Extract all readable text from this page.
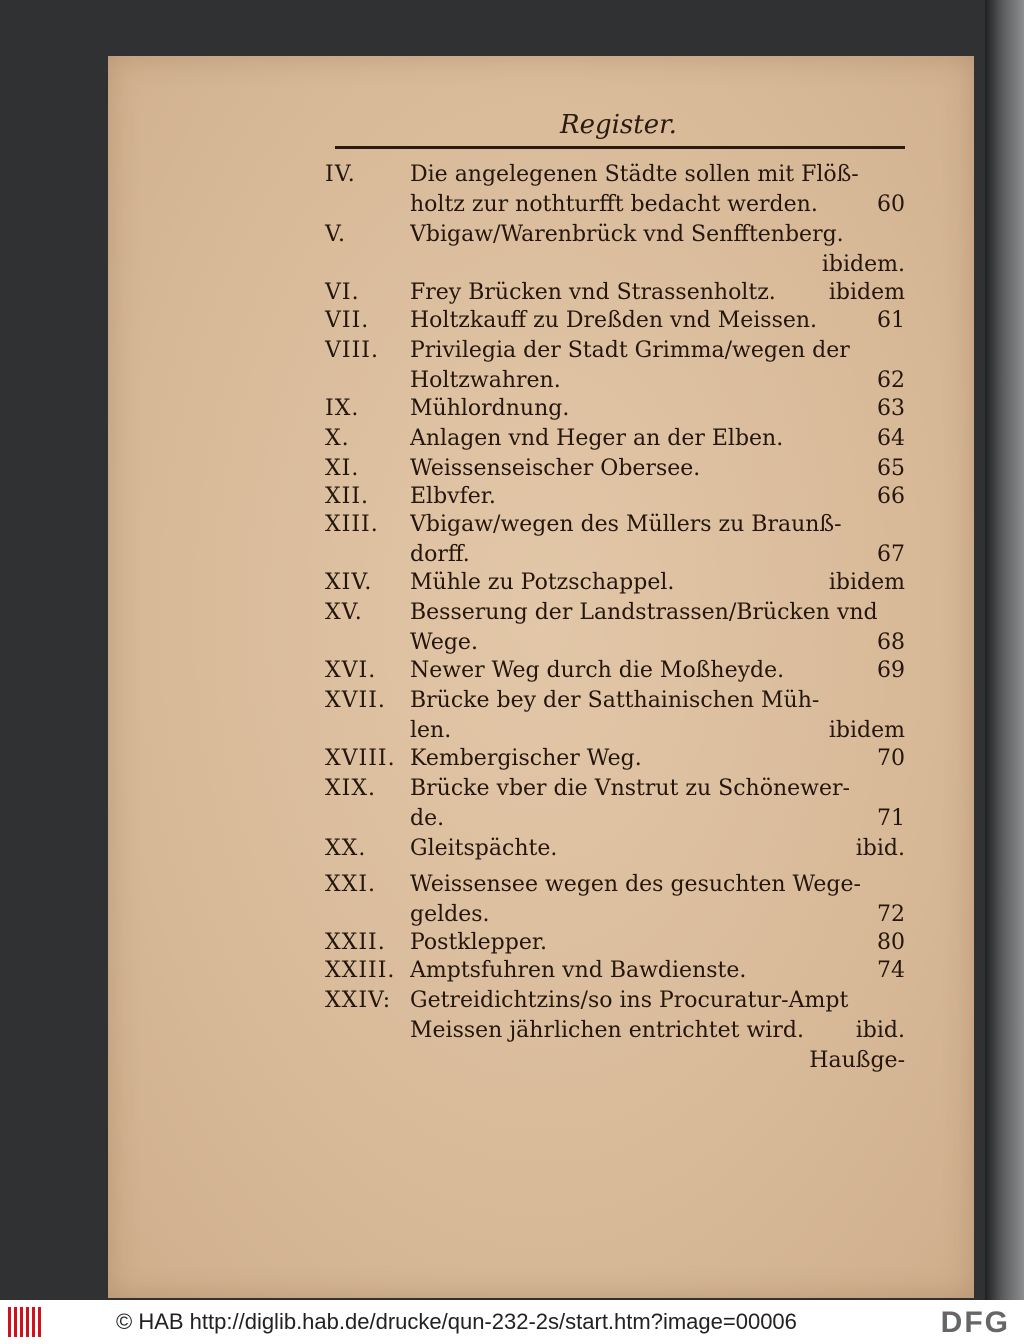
Register.
IV.	Die angelegenen Städte sollen mit Flöß-
holtz zur nothturfft bedacht werden.	60
V.	Vbigaw/Warenbrück vnd Senfftenberg.
ibidem.
VI.	Frey Brücken vnd Strassenholtz.	ibidem
VII.	Holtzkauff zu Dreßden vnd Meissen.	61
VIII.	Privilegia der Stadt Grimma/wegen der
Holtzwahren.	62
IX.	Mühlordnung.	63
X.	Anlagen vnd Heger an der Elben.	64
XI.	Weissenseischer Obersee.	65
XII.	Elbvfer.	66
XIII.	Vbigaw/wegen des Müllers zu Braunß-
dorff.	67
XIV.	Mühle zu Potzschappel.	ibidem
XV.	Besserung der Landstrassen/Brücken vnd
Wege.	68
XVI.	Newer Weg durch die Moßheyde.	69
XVII.	Brücke bey der Satthainischen Müh-
len.	ibidem
XVIII. Kembergischer Weg.	70
XIX.	Brücke vber die Vnstrut zu Schönewer-
de.	71
XX.	Gleitspächte.	ibid.
XXI.	Weissensee wegen des gesuchten Wege-
geldes.	72
XXII.	Postklepper.	80
XXIII. Amptsfuhren vnd Bawdienste.	74
XXIV: Getreidichtzins/so ins Procuratur-Ampt
Meissen jährlichen entrichtet wird.	ibid.
Haußge-
© HAB http://diglib.hab.de/drucke/qun-232-2s/start.htm?image=00006	DFG
